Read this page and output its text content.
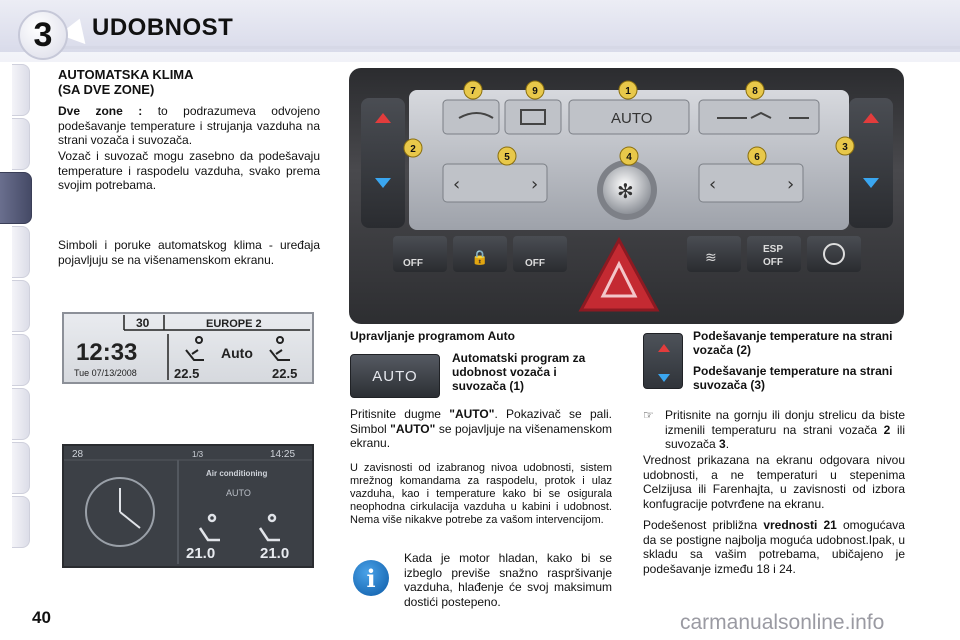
3	UDOBNOST
AUTOMATSKA KLIMA
(SA DVE ZONE)
Dve zone : to podrazumeva odvojeno podešavanje temperature i strujanja vazduha na strani vozača i suvozača.
Vozač i suvozač mogu zasebno da podešavaju temperature i raspodelu vazduha, svako prema svojim potrebama.
Simboli i poruke automatskog klima - uređaja pojavljuju se na višenamenskom ekranu.
30	EUROPE 2
12:33
Tue 07/13/2008
Auto
22.5	22.5
28	1/3	14:25
Air conditioning
AUTO
21.0	21.0
AUTO
‹	›	‹	›
✻
OFF	🔒	OFF	≋
ESP
OFF
7	9	1	8
2
5	4	6
3
Upravljanje programom Auto
AUTO
Automatski program za udobnost vozača i suvozača (1)
Pritisnite dugme "AUTO". Pokazivač se pali. Simbol "AUTO" se pojavljuje na višenamenskom ekranu.
U zavisnosti od izabranog nivoa udobnosti, sistem mrežnog komandama za raspodelu, protok i ulaz vazduha, kao i temperature kako bi se osigurala neophodna cirkulacija vazduha u kabini i udobnost. Nema više nikakve potrebe za vašom intervencijom.
i
Kada je motor hladan, kako bi se izbeglo previše snažno raspršivanje vazduha, hlađenje će svoj maksimum dostići postepeno.
Podešavanje temperature na strani vozača (2)
Podešavanje temperature na strani suvozača (3)
☞ Pritisnite na gornju ili donju strelicu da biste izmenili temperaturu na strani vozača 2 ili suvozača 3.
Vrednost prikazana na ekranu odgovara nivou udobnosti, a ne temperaturi u stepenima Celzijusa ili Farenhajta, u zavisnosti od izbora konfugracije potvrđene na ekranu.
Podešenost približna vrednosti 21 omogućava da se postigne najbolja moguća udobnost.Ipak, u skladu sa vašim potrebama, ubičajeno je podešavanje između 18 i 24.
40	carmanualsonline.info
